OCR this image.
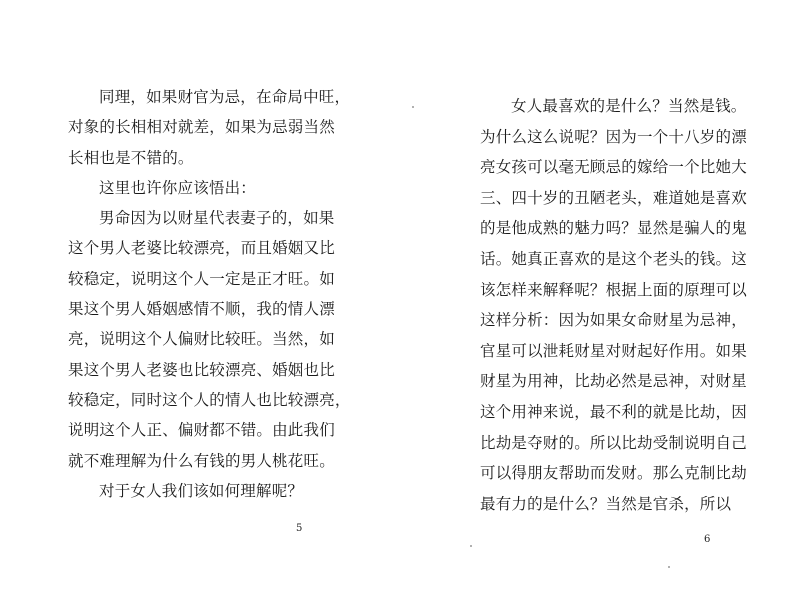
同理，如果财官为忌，在命局中旺，
对象的长相相对就差，如果为忌弱当然
长相也是不错的。
这里也许你应该悟出：
男命因为以财星代表妻子的，如果
这个男人老婆比较漂亮，而且婚姻又比
较稳定，说明这个人一定是正才旺。如
果这个男人婚姻感情不顺，我的情人漂
亮，说明这个人偏财比较旺。当然，如
果这个男人老婆也比较漂亮、婚姻也比
较稳定，同时这个人的情人也比较漂亮，
说明这个人正、偏财都不错。由此我们
就不难理解为什么有钱的男人桃花旺。
对于女人我们该如何理解呢？
5
女人最喜欢的是什么？当然是钱。
为什么这么说呢？因为一个十八岁的漂
亮女孩可以毫无顾忌的嫁给一个比她大
三、四十岁的丑陋老头，难道她是喜欢
的是他成熟的魅力吗？显然是骗人的鬼
话。她真正喜欢的是这个老头的钱。这
该怎样来解释呢？根据上面的原理可以
这样分析：因为如果女命财星为忌神，
官星可以泄耗财星对财起好作用。如果
财星为用神，比劫必然是忌神，对财星
这个用神来说，最不利的就是比劫，因
比劫是夺财的。所以比劫受制说明自己
可以得朋友帮助而发财。那么克制比劫
最有力的是什么？当然是官杀，所以
6
